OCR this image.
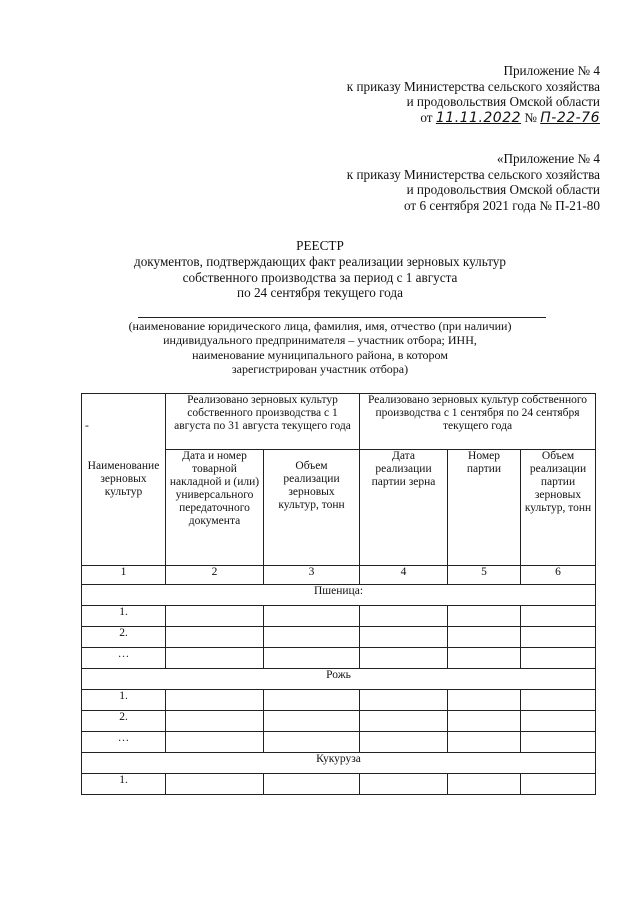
Приложение № 4
к приказу Министерства сельского хозяйства
и продовольствия Омской области
от 11.11.2022 № П-22-76
«Приложение № 4
к приказу Министерства сельского хозяйства
и продовольствия Омской области
от 6 сентября 2021 года № П-21-80
РЕЕСТР
документов, подтверждающих факт реализации зерновых культур
собственного производства за период с 1 августа
по 24 сентября текущего года
(наименование юридического лица, фамилия, имя, отчество (при наличии)
индивидуального предпринимателя – участник отбора; ИНН,
наименование муниципального района, в котором
зарегистрирован участник отбора)
-
Наименование зерновых культур	Реализовано зерновых культур собственного производства с 1 августа по 31 августа текущего года		Реализовано зерновых культур собственного производства с 1 сентября по 24 сентября текущего года		
	Дата и номер товарной накладной и (или) универсального передаточного документа	Объем реализации зерновых культур, тонн	Дата реализации партии зерна	Номер партии	Объем реализации партии зерновых культур, тонн
1	2	3	4	5	6
Пшеница:					
1.					
2.					
…					
Рожь					
1.					
2.					
…					
Кукуруза					
1.					
